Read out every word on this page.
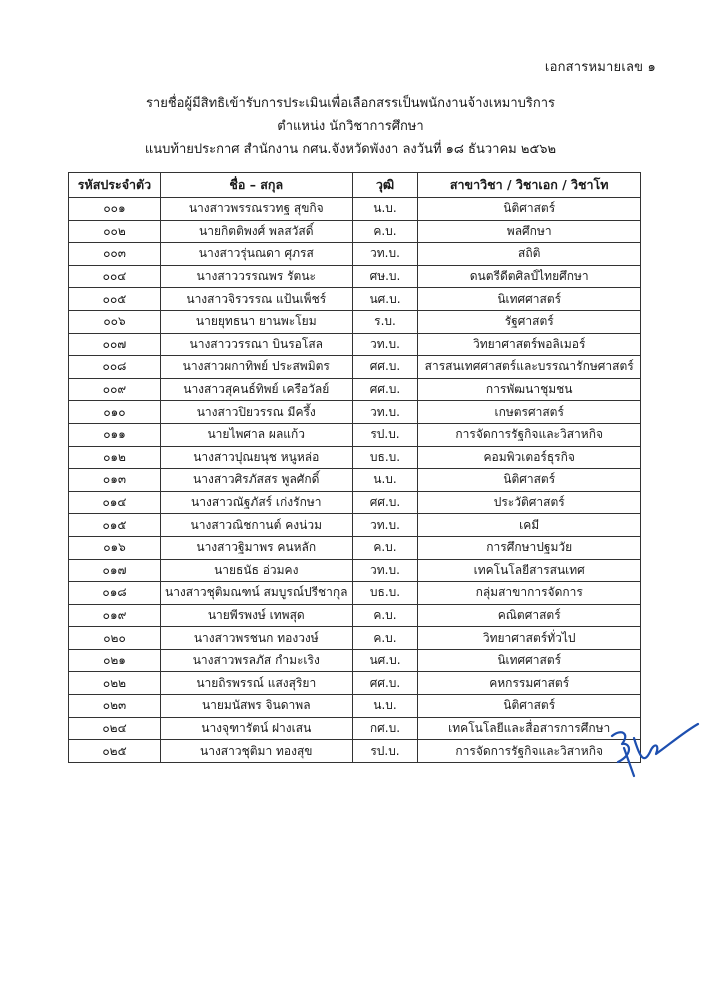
เอกสารหมายเลข ๑
รายชื่อผู้มีสิทธิเข้ารับการประเมินเพื่อเลือกสรรเป็นพนักงานจ้างเหมาบริการ
ตำแหน่ง นักวิชาการศึกษา
แนบท้ายประกาศ สำนักงาน กศน.จังหวัดพังงา ลงวันที่ ๑๘ ธันวาคม ๒๕๖๒
รหัสประจำตัว	ชื่อ – สกุล	วุฒิ	สาขาวิชา / วิชาเอก / วิชาโท
๐๐๑	นางสาวพรรณรวทฐ สุขกิจ	น.บ.	นิติศาสตร์
๐๐๒	นายกิตติพงศ์ พลสวัสดิ์	ค.บ.	พลศึกษา
๐๐๓	นางสาวรุ่นณดา ศุภรส	วท.บ.	สถิติ
๐๐๔	นางสาววรรณพร รัตนะ	ศษ.บ.	ดนตรีดีตศิลป์ไทยศึกษา
๐๐๕	นางสาวจิรวรรณ แป้นเพ็ชร์	นศ.บ.	นิเทศศาสตร์
๐๐๖	นายยุทธนา ยานพะโยม	ร.บ.	รัฐศาสตร์
๐๐๗	นางสาววรรณา บินรอโสล	วท.บ.	วิทยาศาสตร์พอลิเมอร์
๐๐๘	นางสาวผกาทิพย์ ประสพมิตร	ศศ.บ.	สารสนเทศศาสตร์และบรรณารักษศาสตร์
๐๐๙	นางสาวสุคนธ์ทิพย์ เครือวัลย์	ศศ.บ.	การพัฒนาชุมชน
๐๑๐	นางสาวปิยวรรณ มีครึ้ง	วท.บ.	เกษตรศาสตร์
๐๑๑	นายไพศาล ผลแก้ว	รป.บ.	การจัดการรัฐกิจและวิสาหกิจ
๐๑๒	นางสาวปุณยนุช หนูหล่อ	บธ.บ.	คอมพิวเตอร์ธุรกิจ
๐๑๓	นางสาวศิรภัสสร พูลศักดิ์	น.บ.	นิติศาสตร์
๐๑๔	นางสาวณัฐภัสร์ เก่งรักษา	ศศ.บ.	ประวัติศาสตร์
๐๑๕	นางสาวณิชกานต์ คงน่วม	วท.บ.	เคมี
๐๑๖	นางสาวฐิมาพร คนหลัก	ค.บ.	การศึกษาปฐมวัย
๐๑๗	นายธนัธ อ่วมคง	วท.บ.	เทคโนโลยีสารสนเทศ
๐๑๘	นางสาวชุติมณฑน์ สมบูรณ์ปรีชากุล	บธ.บ.	กลุ่มสาขาการจัดการ
๐๑๙	นายพีรพงษ์ เทพสุด	ค.บ.	คณิตศาสตร์
๐๒๐	นางสาวพรชนก ทองวงษ์	ค.บ.	วิทยาศาสตร์ทั่วไป
๐๒๑	นางสาวพรลภัส กำมะเริง	นศ.บ.	นิเทศศาสตร์
๐๒๒	นายถิรพรรณ์ แสงสุริยา	ศศ.บ.	คหกรรมศาสตร์
๐๒๓	นายมนัสพร จินดาพล	น.บ.	นิติศาสตร์
๐๒๔	นางจุฑารัตน์ ฝางเสน	กศ.บ.	เทคโนโลยีและสื่อสารการศึกษา
๐๒๕	นางสาวชุติมา ทองสุข	รป.บ.	การจัดการรัฐกิจและวิสาหกิจ
